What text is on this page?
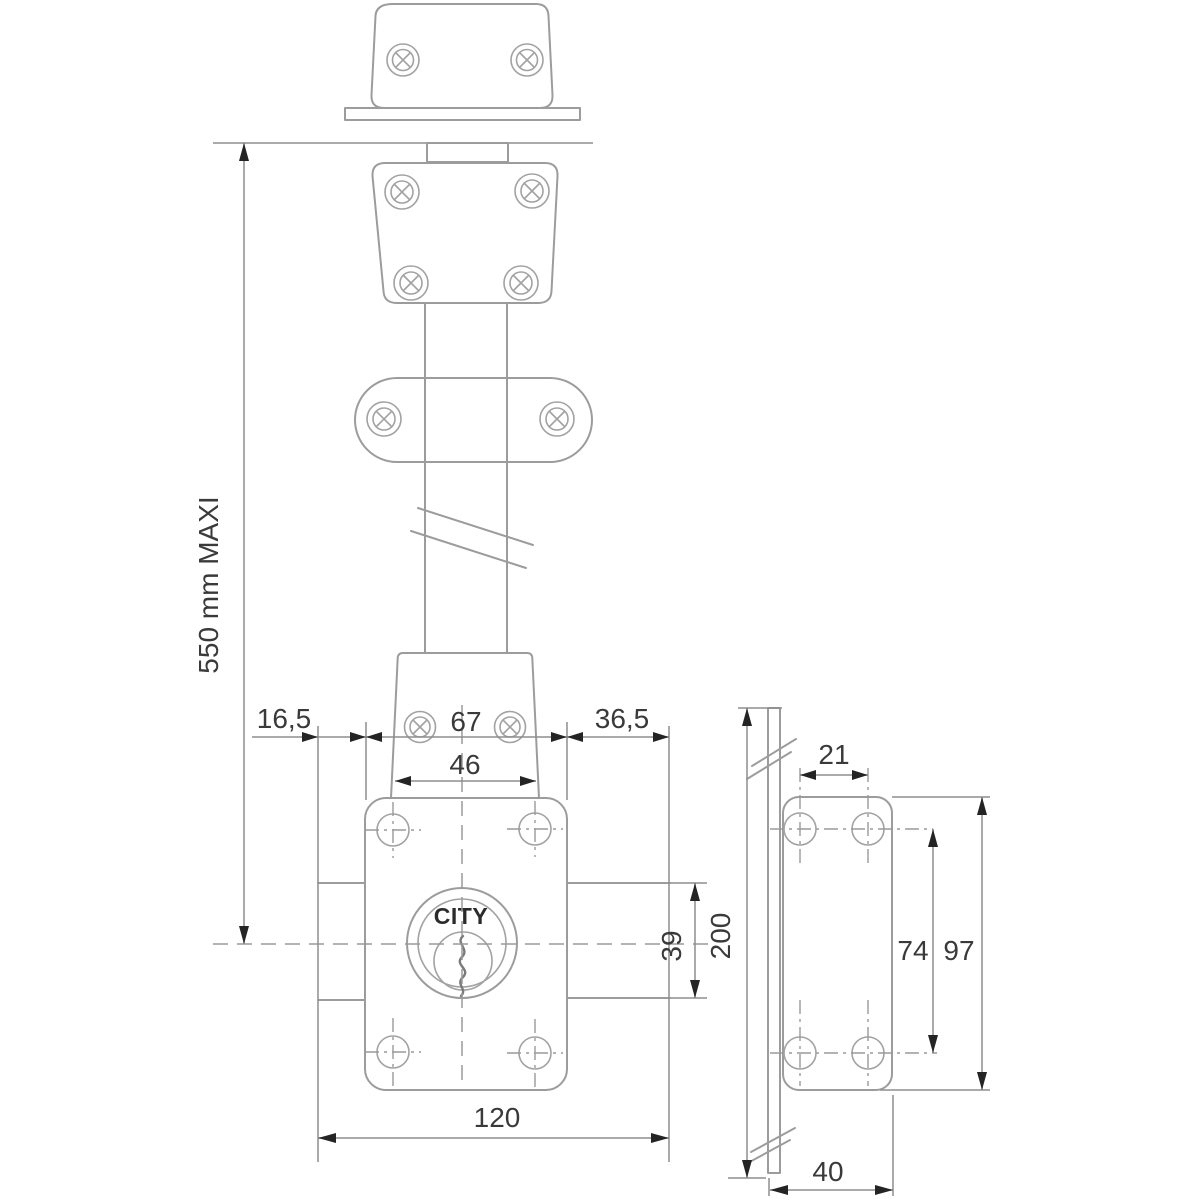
CITY
550 mm MAXI
16,5	67	36,5
46
39
120
200
21
74 97
40
